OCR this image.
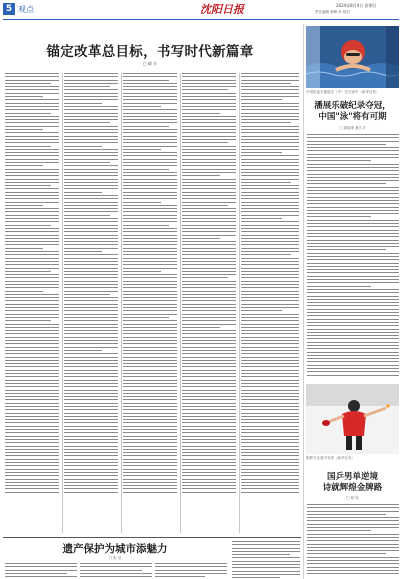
5 观点	沈阳日报	2024年8月4日 星期日
责任编辑 张峰 孙 校对
锚定改革总目标，书写时代新篇章
□ 臧 辛
中国队选手潘展乐（中）在比赛中（新华社发）
潘展乐破纪录夺冠，
中国"泳"将有可期
□ 黄振坤 夏江平
陈梦在比赛中发球（新华社发）
国乒男单逆境
诗就辉煌金牌路
□ 相 钰
遗产保护为城市添魅力
□ 张 莹
